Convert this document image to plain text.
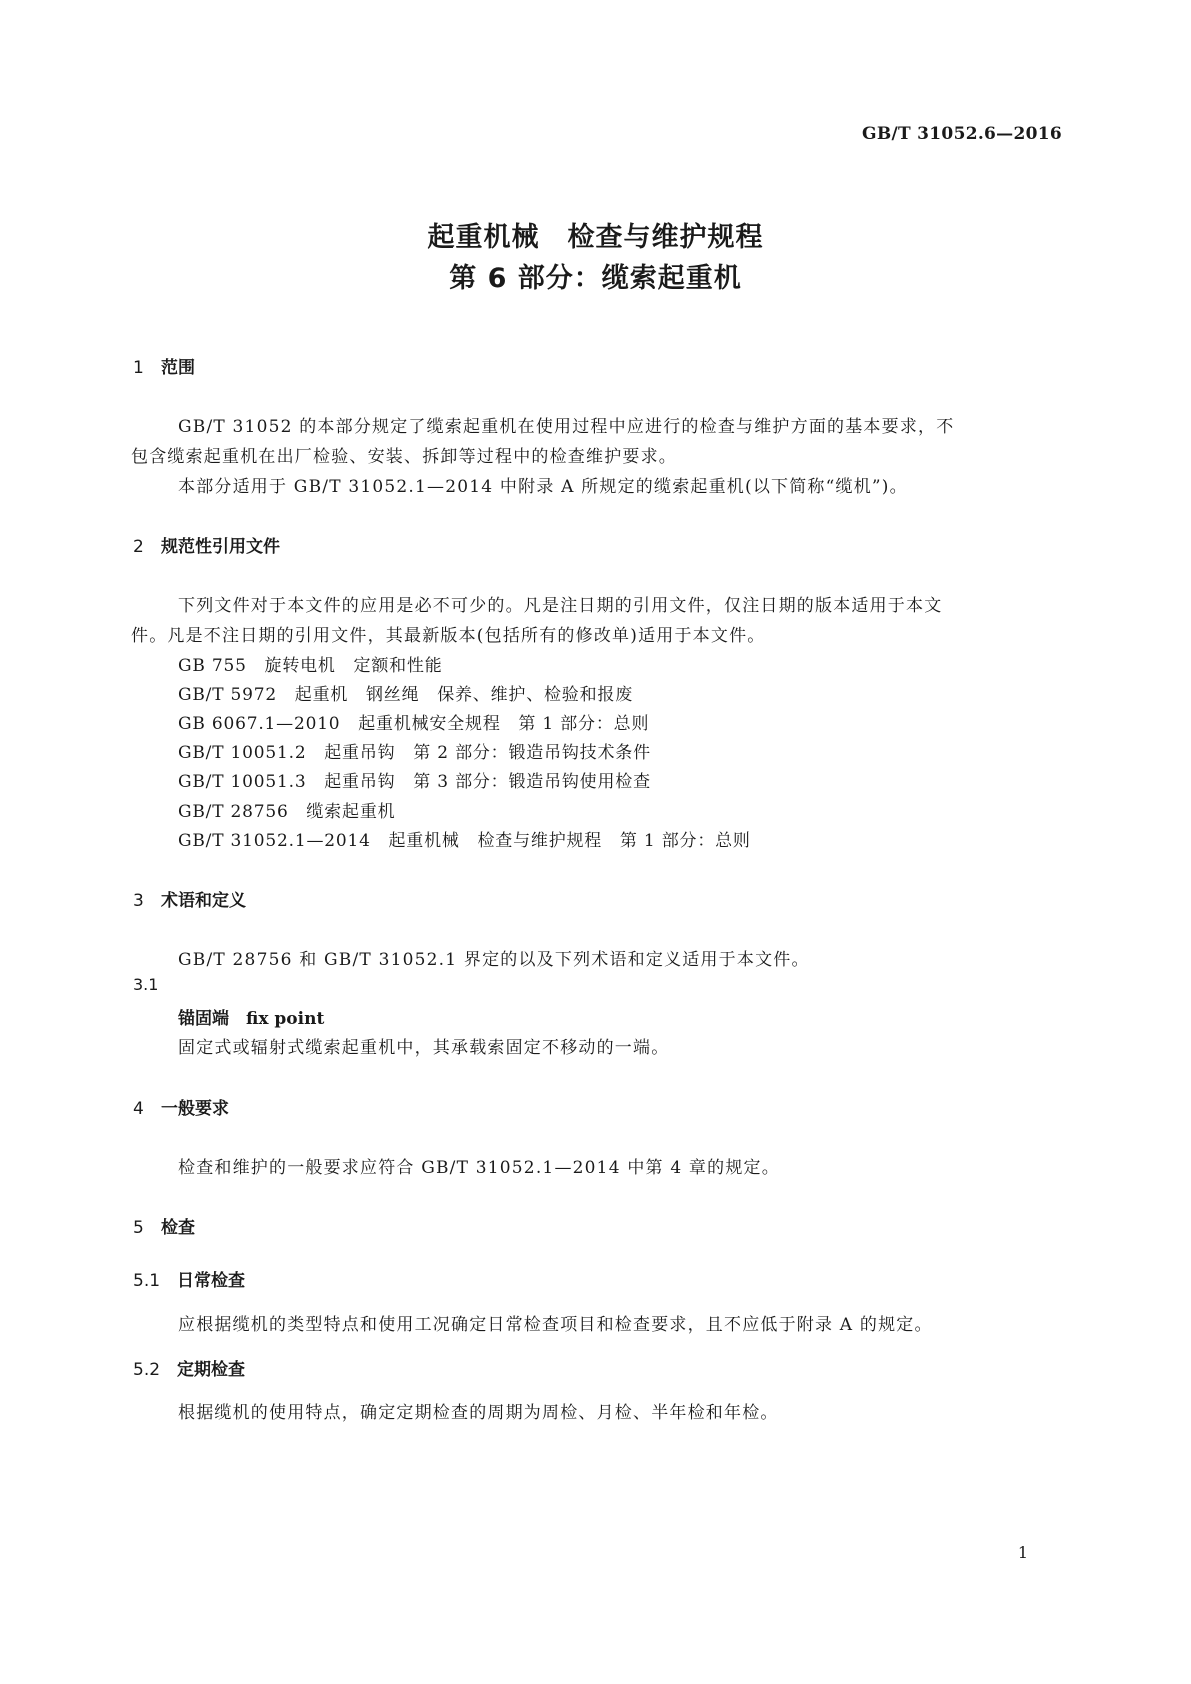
GB/T 31052.6—2016
起重机械　检查与维护规程
第 6 部分：缆索起重机
1 范围
GB/T 31052 的本部分规定了缆索起重机在使用过程中应进行的检查与维护方面的基本要求，不
包含缆索起重机在出厂检验、安装、拆卸等过程中的检查维护要求。
本部分适用于 GB/T 31052.1—2014 中附录 A 所规定的缆索起重机(以下简称“缆机”)。
2 规范性引用文件
下列文件对于本文件的应用是必不可少的。凡是注日期的引用文件，仅注日期的版本适用于本文
件。凡是不注日期的引用文件，其最新版本(包括所有的修改单)适用于本文件。
GB 755　旋转电机　定额和性能
GB/T 5972　起重机　钢丝绳　保养、维护、检验和报废
GB 6067.1—2010　起重机械安全规程　第 1 部分：总则
GB/T 10051.2　起重吊钩　第 2 部分：锻造吊钩技术条件
GB/T 10051.3　起重吊钩　第 3 部分：锻造吊钩使用检查
GB/T 28756　缆索起重机
GB/T 31052.1—2014　起重机械　检查与维护规程　第 1 部分：总则
3 术语和定义
GB/T 28756 和 GB/T 31052.1 界定的以及下列术语和定义适用于本文件。
3.1
锚固端　fix point
固定式或辐射式缆索起重机中，其承载索固定不移动的一端。
4 一般要求
检查和维护的一般要求应符合 GB/T 31052.1—2014 中第 4 章的规定。
5 检查
5.1 日常检查
应根据缆机的类型特点和使用工况确定日常检查项目和检查要求，且不应低于附录 A 的规定。
5.2 定期检查
根据缆机的使用特点，确定定期检查的周期为周检、月检、半年检和年检。
1
